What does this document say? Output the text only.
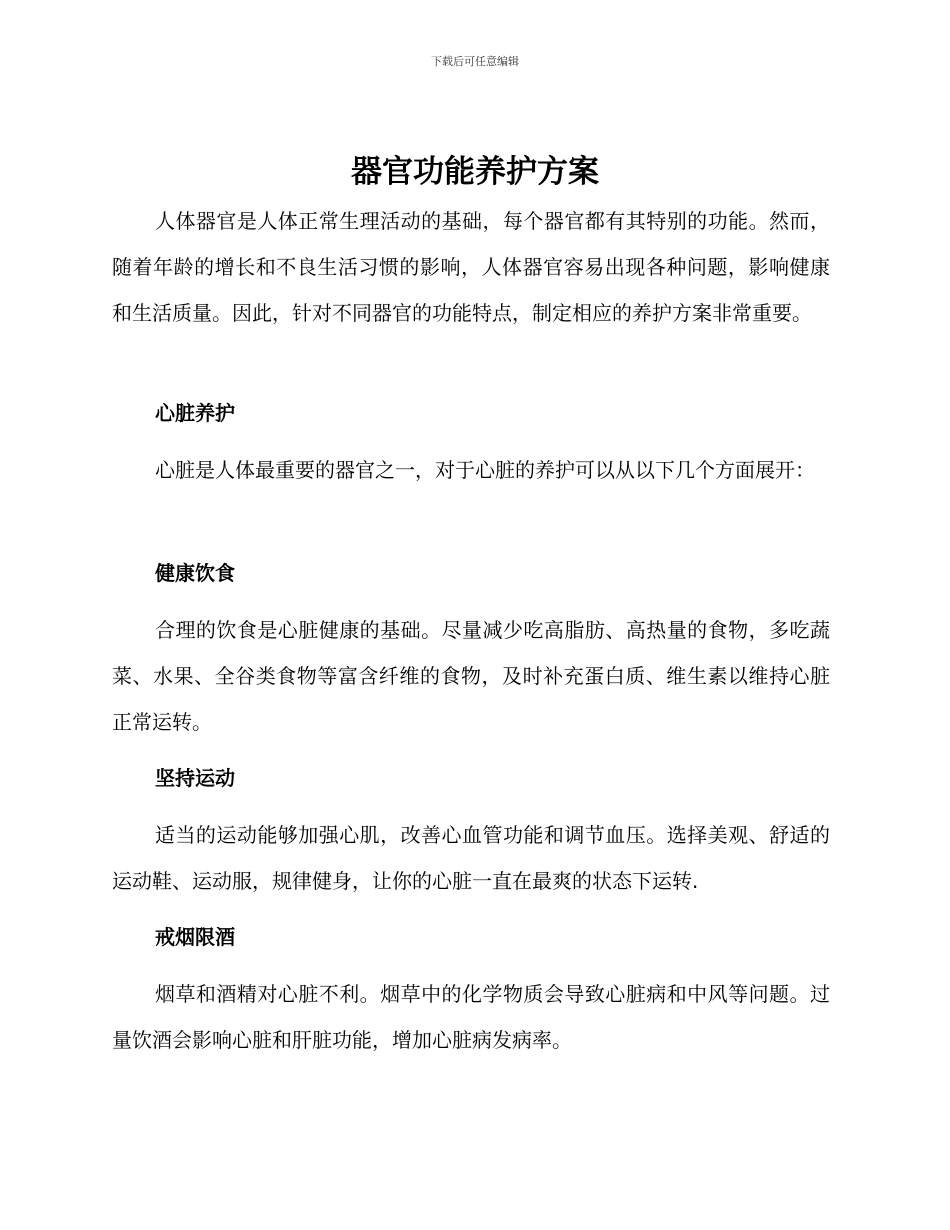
下载后可任意编辑
器官功能养护方案

人体器官是人体正常生理活动的基础，每个器官都有其特别的功能。然而，随着年龄的增长和不良生活习惯的影响，人体器官容易出现各种问题，影响健康和生活质量。因此，针对不同器官的功能特点，制定相应的养护方案非常重要。

心脏养护

心脏是人体最重要的器官之一，对于心脏的养护可以从以下几个方面展开：

健康饮食

合理的饮食是心脏健康的基础。尽量减少吃高脂肪、高热量的食物，多吃蔬菜、水果、全谷类食物等富含纤维的食物，及时补充蛋白质、维生素以维持心脏正常运转。

坚持运动

适当的运动能够加强心肌，改善心血管功能和调节血压。选择美观、舒适的运动鞋、运动服，规律健身，让你的心脏一直在最爽的状态下运转.

戒烟限酒

烟草和酒精对心脏不利。烟草中的化学物质会导致心脏病和中风等问题。过量饮酒会影响心脏和肝脏功能，增加心脏病发病率。
